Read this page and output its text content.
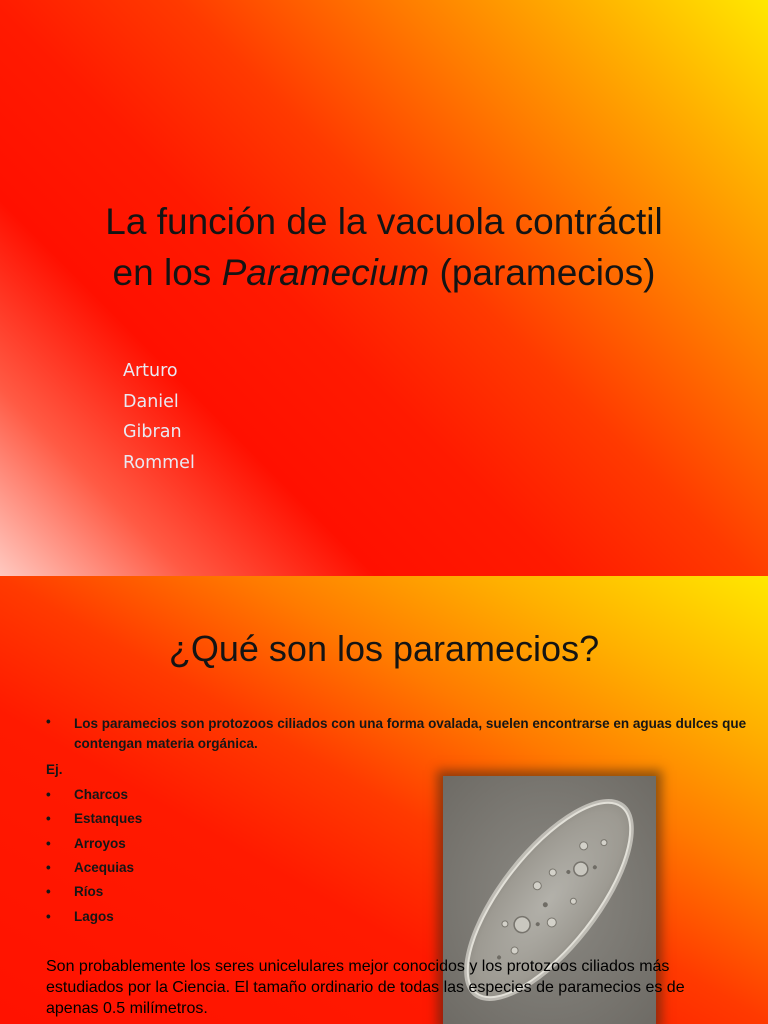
La función de la vacuola contráctil
en los Paramecium (paramecios)
Arturo
Daniel
Gibran
Rommel
¿Qué son los paramecios?
• Los paramecios son protozoos ciliados con una forma ovalada, suelen encontrarse en aguas dulces que contengan materia orgánica.
Ej.
•	Charcos
•	Estanques
•	Arroyos
•	Acequias
•	Ríos
•	Lagos
Son probablemente los seres unicelulares mejor conocidos y los protozoos ciliados más estudiados por la Ciencia. El tamaño ordinario de todas las especies de paramecios es de apenas 0.5 milímetros.
